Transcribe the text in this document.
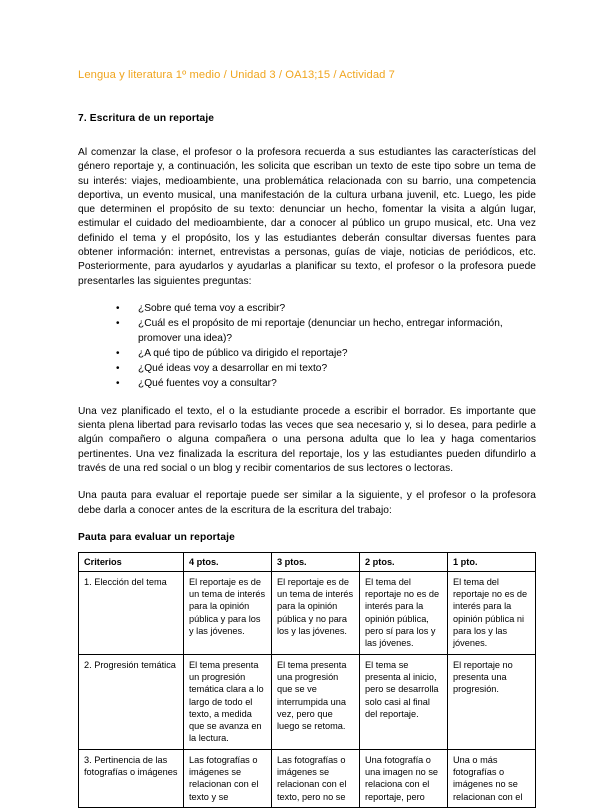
Lengua y literatura 1º medio / Unidad 3 / OA13;15 / Actividad 7
7. Escritura de un reportaje

Al comenzar la clase, el profesor o la profesora recuerda a sus estudiantes las características del género reportaje y, a continuación, les solicita que escriban un texto de este tipo sobre un tema de su interés: viajes, medioambiente, una problemática relacionada con su barrio, una competencia deportiva, un evento musical, una manifestación de la cultura urbana juvenil, etc. Luego, les pide que determinen el propósito de su texto: denunciar un hecho, fomentar la visita a algún lugar, estimular el cuidado del medioambiente, dar a conocer al público un grupo musical, etc. Una vez definido el tema y el propósito, los y las estudiantes deberán consultar diversas fuentes para obtener información: internet, entrevistas a personas, guías de viaje, noticias de periódicos, etc. Posteriormente, para ayudarlos y ayudarlas a planificar su texto, el profesor o la profesora puede presentarles las siguientes preguntas:

• ¿Sobre qué tema voy a escribir?
• ¿Cuál es el propósito de mi reportaje (denunciar un hecho, entregar información, promover una idea)?
• ¿A qué tipo de público va dirigido el reportaje?
• ¿Qué ideas voy a desarrollar en mi texto?
• ¿Qué fuentes voy a consultar?

Una vez planificado el texto, el o la estudiante procede a escribir el borrador. Es importante que sienta plena libertad para revisarlo todas las veces que sea necesario y, si lo desea, para pedirle a algún compañero o alguna compañera o una persona adulta que lo lea y haga comentarios pertinentes. Una vez finalizada la escritura del reportaje, los y las estudiantes pueden difundirlo a través de una red social o un blog y recibir comentarios de sus lectores o lectoras.

Una pauta para evaluar el reportaje puede ser similar a la siguiente, y el profesor o la profesora debe darla a conocer antes de la escritura de la escritura del trabajo:

Pauta para evaluar un reportaje
Criterios	4 ptos.	3 ptos.	2 ptos.	1 pto.
1. Elección del tema	El reportaje es de un tema de interés para la opinión pública y para los y las jóvenes.	El reportaje es de un tema de interés para la opinión pública y no para los y las jóvenes.	El tema del reportaje no es de interés para la opinión pública, pero sí para los y las jóvenes.	El tema del reportaje no es de interés para la opinión pública ni para los y las jóvenes.
2. Progresión temática	El tema presenta un progresión temática clara a lo largo de todo el texto, a medida que se avanza en la lectura.	El tema presenta una progresión que se ve interrumpida una vez, pero que luego se retoma.	El tema se presenta al inicio, pero se desarrolla solo casi al final del reportaje.	El reportaje no presenta una progresión.
3. Pertinencia de las fotografías o imágenes	Las fotografías o imágenes se relacionan con el texto y se	Las fotografías o imágenes se relacionan con el texto, pero no se	Una fotografía o una imagen no se relaciona con el reportaje, pero	Una o más fotografías o imágenes no se relacionan con el
